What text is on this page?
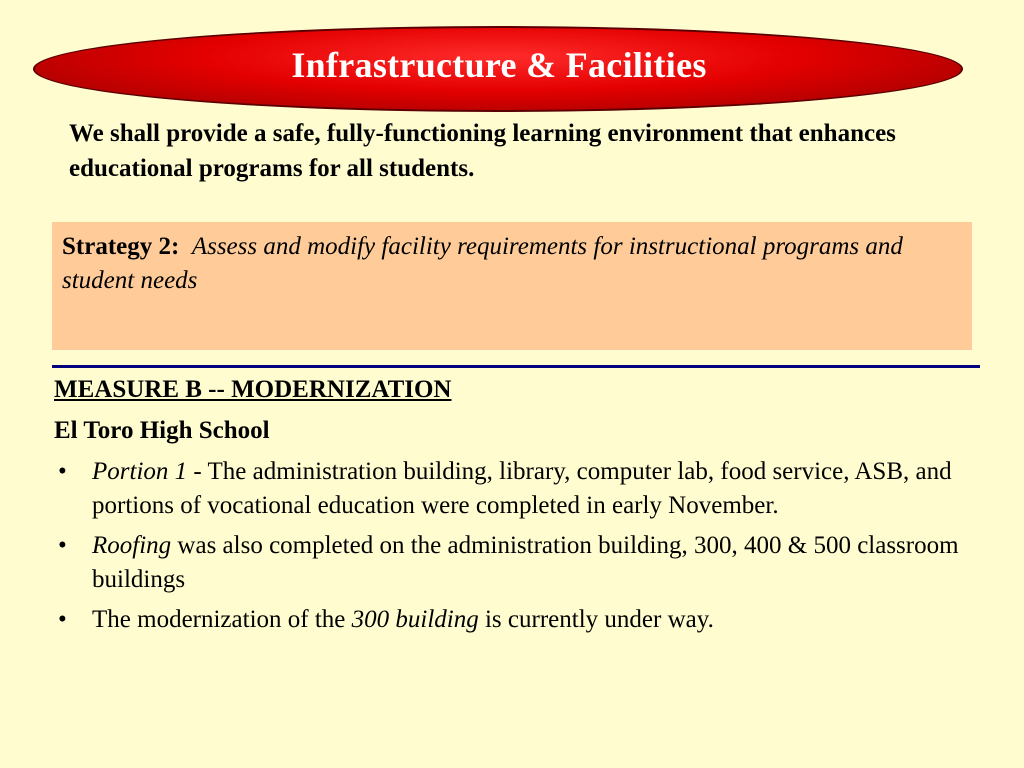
Infrastructure & Facilities
We shall provide a safe, fully-functioning learning environment that enhances educational programs for all students.
Strategy 2: Assess and modify facility requirements for instructional programs and student needs
MEASURE B -- MODERNIZATION
El Toro High School
• Portion 1 - The administration building, library, computer lab, food service, ASB, and portions of vocational education were completed in early November.
• Roofing was also completed on the administration building, 300, 400 & 500 classroom buildings
• The modernization of the 300 building is currently under way.
